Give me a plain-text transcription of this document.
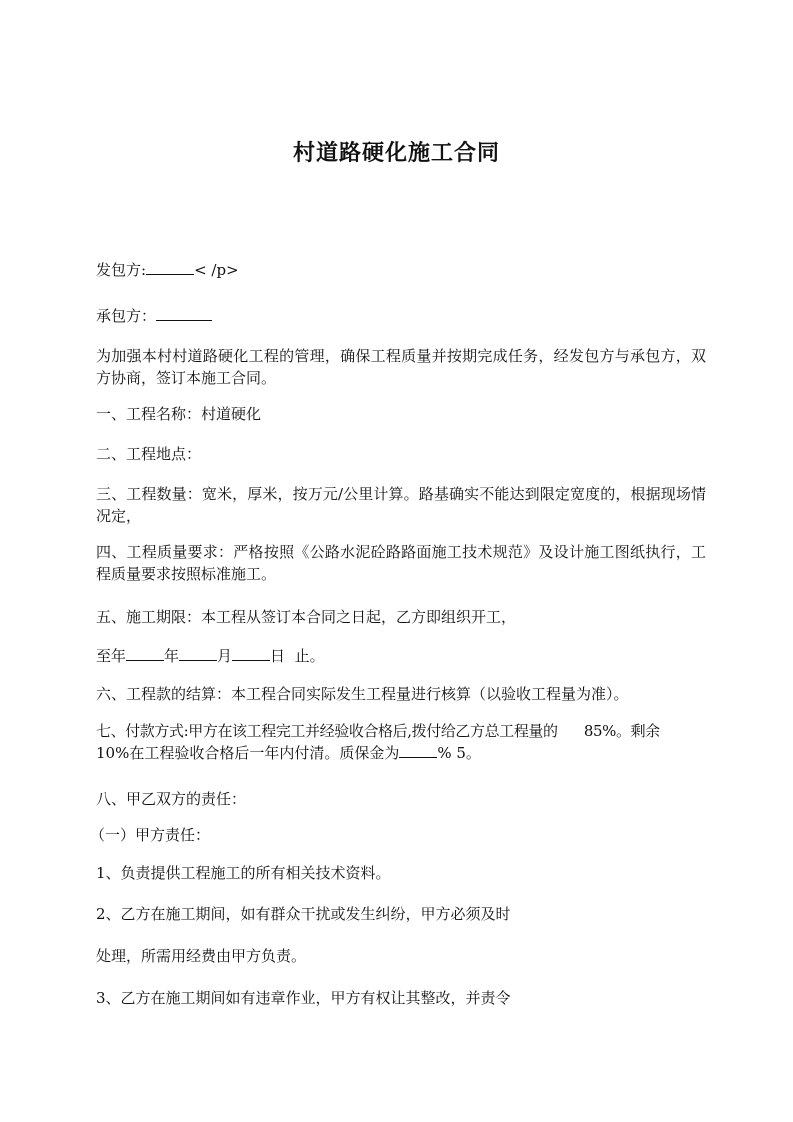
村道路硬化施工合同
发包方:	< /p>
承包方：
为加强本村村道路硬化工程的管理，确保工程质量并按期完成任务，经发包方与承包方，双方协商，签订本施工合同。
一、工程名称：村道硬化
二、工程地点：
三、工程数量：宽米，厚米，按万元/公里计算。路基确实不能达到限定宽度的，根据现场情况定，
四、工程质量要求：严格按照《公路水泥砼路路面施工技术规范》及设计施工图纸执行，工程质量要求按照标准施工。
五、施工期限：本工程从签订本合同之日起，乙方即组织开工，
至年	年	月	日  止。
六、工程款的结算：本工程合同实际发生工程量进行核算（以验收工程量为准）。
七、付款方式:甲方在该工程完工并经验收合格后,拨付给乙方总工程量的      85%。剩余
10%在工程验收合格后一年内付清。质保金为	% 5。
八、甲乙双方的责任：
（一）甲方责任：
1、负责提供工程施工的所有相关技术资料。
2、乙方在施工期间，如有群众干扰或发生纠纷，甲方必须及时
处理，所需用经费由甲方负责。
3、乙方在施工期间如有违章作业，甲方有权让其整改，并责令
